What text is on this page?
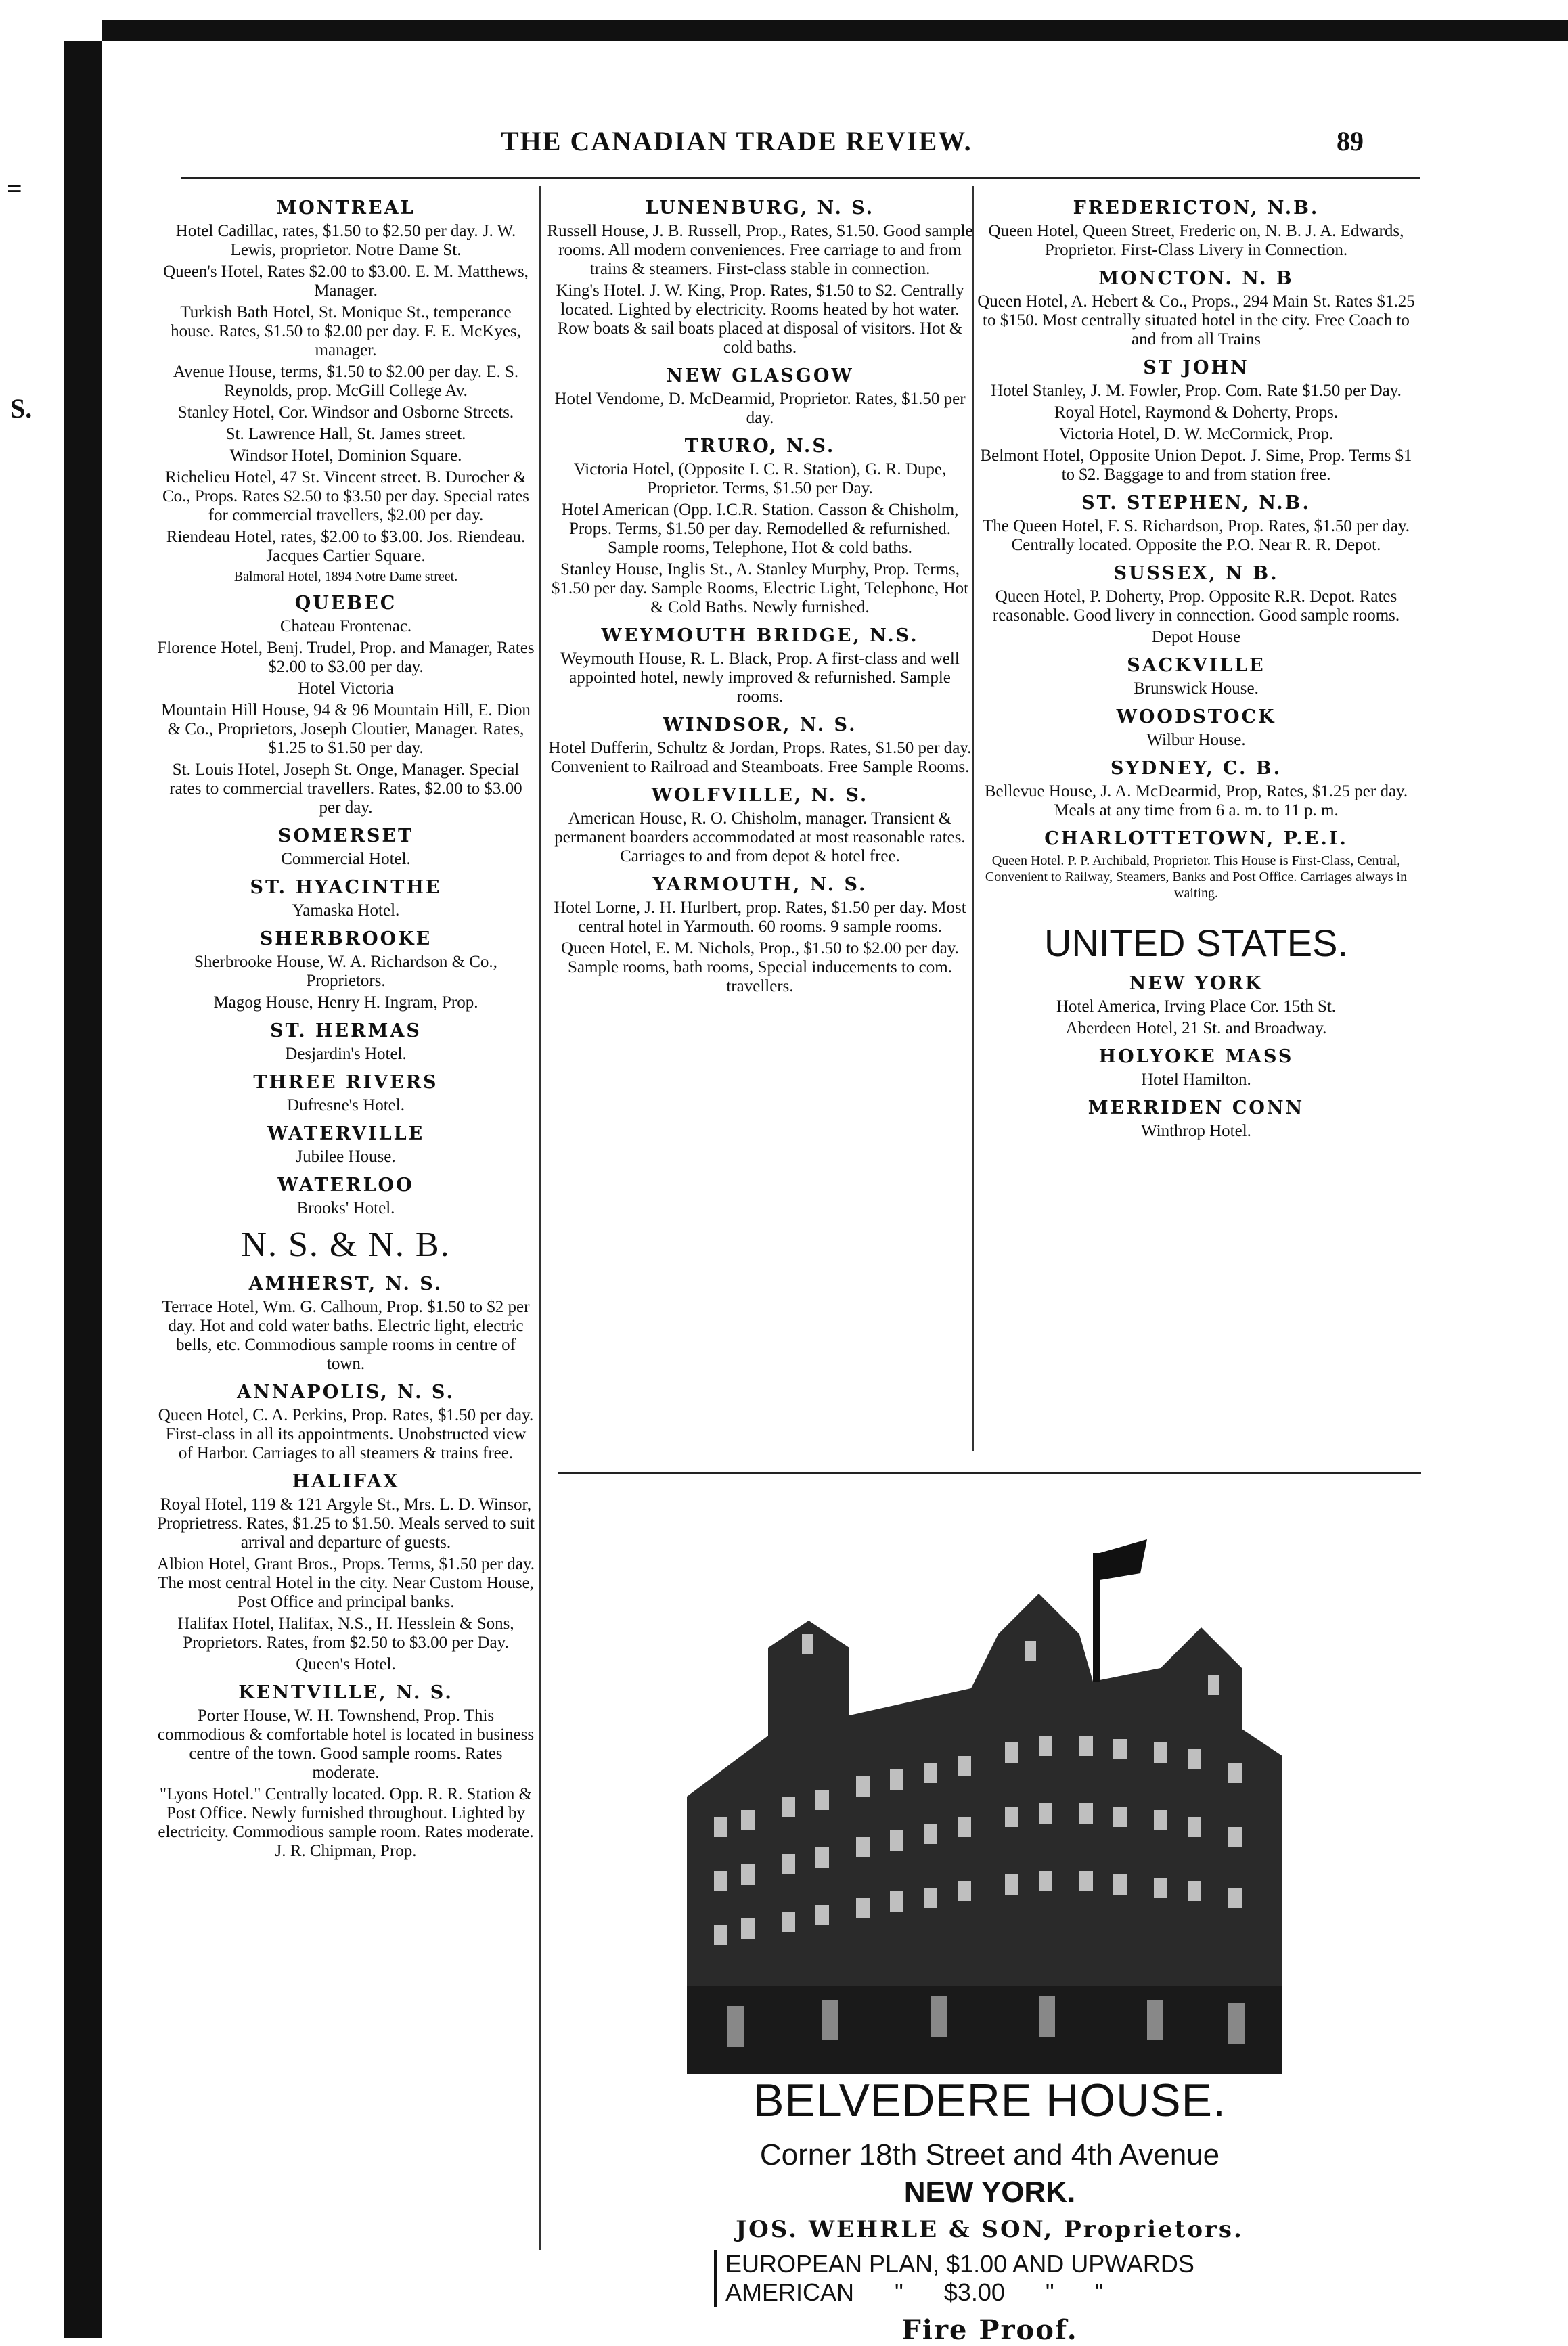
=
S.
THE CANADIAN TRADE REVIEW.	89
MONTREAL
Hotel Cadillac, rates, $1.50 to $2.50 per day. J. W. Lewis, proprietor. Notre Dame St.
Queen's Hotel, Rates $2.00 to $3.00. E. M. Matthews, Manager.
Turkish Bath Hotel, St. Monique St., temperance house. Rates, $1.50 to $2.00 per day. F. E. McKyes, manager.
Avenue House, terms, $1.50 to $2.00 per day. E. S. Reynolds, prop. McGill College Av.
Stanley Hotel, Cor. Windsor and Osborne Streets.
St. Lawrence Hall, St. James street.
Windsor Hotel, Dominion Square.
Richelieu Hotel, 47 St. Vincent street. B. Durocher & Co., Props. Rates $2.50 to $3.50 per day. Special rates for commercial travellers, $2.00 per day.
Riendeau Hotel, rates, $2.00 to $3.00. Jos. Riendeau. Jacques Cartier Square.
Balmoral Hotel, 1894 Notre Dame street.
QUEBEC
Chateau Frontenac.
Florence Hotel, Benj. Trudel, Prop. and Manager, Rates $2.00 to $3.00 per day.
Hotel Victoria
Mountain Hill House, 94 & 96 Mountain Hill, E. Dion & Co., Proprietors, Joseph Cloutier, Manager. Rates, $1.25 to $1.50 per day.
St. Louis Hotel, Joseph St. Onge, Manager. Special rates to commercial travellers. Rates, $2.00 to $3.00 per day.
SOMERSET
Commercial Hotel.
ST. HYACINTHE
Yamaska Hotel.
SHERBROOKE
Sherbrooke House, W. A. Richardson & Co., Proprietors.
Magog House, Henry H. Ingram, Prop.
ST. HERMAS
Desjardin's Hotel.
THREE RIVERS
Dufresne's Hotel.
WATERVILLE
Jubilee House.
WATERLOO
Brooks' Hotel.
N. S. & N. B.
AMHERST, N. S.
Terrace Hotel, Wm. G. Calhoun, Prop. $1.50 to $2 per day. Hot and cold water baths. Electric light, electric bells, etc. Commodious sample rooms in centre of town.
ANNAPOLIS, N. S.
Queen Hotel, C. A. Perkins, Prop. Rates, $1.50 per day. First-class in all its appointments. Unobstructed view of Harbor. Carriages to all steamers & trains free.
HALIFAX
Royal Hotel, 119 & 121 Argyle St., Mrs. L. D. Winsor, Proprietress. Rates, $1.25 to $1.50. Meals served to suit arrival and departure of guests.
Albion Hotel, Grant Bros., Props. Terms, $1.50 per day. The most central Hotel in the city. Near Custom House, Post Office and principal banks.
Halifax Hotel, Halifax, N.S., H. Hesslein & Sons, Proprietors. Rates, from $2.50 to $3.00 per Day.
Queen's Hotel.
KENTVILLE, N. S.
Porter House, W. H. Townshend, Prop. This commodious & comfortable hotel is located in business centre of the town. Good sample rooms. Rates moderate.
"Lyons Hotel." Centrally located. Opp. R. R. Station & Post Office. Newly furnished throughout. Lighted by electricity. Commodious sample room. Rates moderate. J. R. Chipman, Prop.
LUNENBURG, N. S.
Russell House, J. B. Russell, Prop., Rates, $1.50. Good sample rooms. All modern conveniences. Free carriage to and from trains & steamers. First-class stable in connection.
King's Hotel. J. W. King, Prop. Rates, $1.50 to $2. Centrally located. Lighted by electricity. Rooms heated by hot water. Row boats & sail boats placed at disposal of visitors. Hot & cold baths.
NEW GLASGOW
Hotel Vendome, D. McDearmid, Proprietor. Rates, $1.50 per day.
TRURO, N.S.
Victoria Hotel, (Opposite I. C. R. Station), G. R. Dupe, Proprietor. Terms, $1.50 per Day.
Hotel American (Opp. I.C.R. Station. Casson & Chisholm, Props. Terms, $1.50 per day. Remodelled & refurnished. Sample rooms, Telephone, Hot & cold baths.
Stanley House, Inglis St., A. Stanley Murphy, Prop. Terms, $1.50 per day. Sample Rooms, Electric Light, Telephone, Hot & Cold Baths. Newly furnished.
WEYMOUTH BRIDGE, N.S.
Weymouth House, R. L. Black, Prop. A first-class and well appointed hotel, newly improved & refurnished. Sample rooms.
WINDSOR, N. S.
Hotel Dufferin, Schultz & Jordan, Props. Rates, $1.50 per day. Convenient to Railroad and Steamboats. Free Sample Rooms.
WOLFVILLE, N. S.
American House, R. O. Chisholm, manager. Transient & permanent boarders accommodated at most reasonable rates. Carriages to and from depot & hotel free.
YARMOUTH, N. S.
Hotel Lorne, J. H. Hurlbert, prop. Rates, $1.50 per day. Most central hotel in Yarmouth. 60 rooms. 9 sample rooms.
Queen Hotel, E. M. Nichols, Prop., $1.50 to $2.00 per day. Sample rooms, bath rooms, Special inducements to com. travellers.
FREDERICTON, N.B.
Queen Hotel, Queen Street, Frederic on, N. B. J. A. Edwards, Proprietor. First-Class Livery in Connection.
MONCTON. N. B
Queen Hotel, A. Hebert & Co., Props., 294 Main St. Rates $1.25 to $150. Most centrally situated hotel in the city. Free Coach to and from all Trains
ST JOHN
Hotel Stanley, J. M. Fowler, Prop. Com. Rate $1.50 per Day.
Royal Hotel, Raymond & Doherty, Props.
Victoria Hotel, D. W. McCormick, Prop.
Belmont Hotel, Opposite Union Depot. J. Sime, Prop. Terms $1 to $2. Baggage to and from station free.
ST. STEPHEN, N.B.
The Queen Hotel, F. S. Richardson, Prop. Rates, $1.50 per day. Centrally located. Opposite the P.O. Near R. R. Depot.
SUSSEX, N B.
Queen Hotel, P. Doherty, Prop. Opposite R.R. Depot. Rates reasonable. Good livery in connection. Good sample rooms.
Depot House
SACKVILLE
Brunswick House.
WOODSTOCK
Wilbur House.
SYDNEY, C. B.
Bellevue House, J. A. McDearmid, Prop, Rates, $1.25 per day. Meals at any time from 6 a. m. to 11 p. m.
CHARLOTTETOWN, P.E.I.
Queen Hotel. P. P. Archibald, Proprietor. This House is First-Class, Central, Convenient to Railway, Steamers, Banks and Post Office. Carriages always in waiting.
UNITED STATES.
NEW YORK
Hotel America, Irving Place Cor. 15th St.
Aberdeen Hotel, 21 St. and Broadway.
HOLYOKE MASS
Hotel Hamilton.
MERRIDEN CONN
Winthrop Hotel.
BELVEDERE HOUSE.
Corner 18th Street and 4th Avenue
NEW YORK.
JOS. WEHRLE & SON, Proprietors.
EUROPEAN PLAN, $1.00 AND UPWARDS
AMERICAN      "      $3.00      "      "
Fire Proof.
